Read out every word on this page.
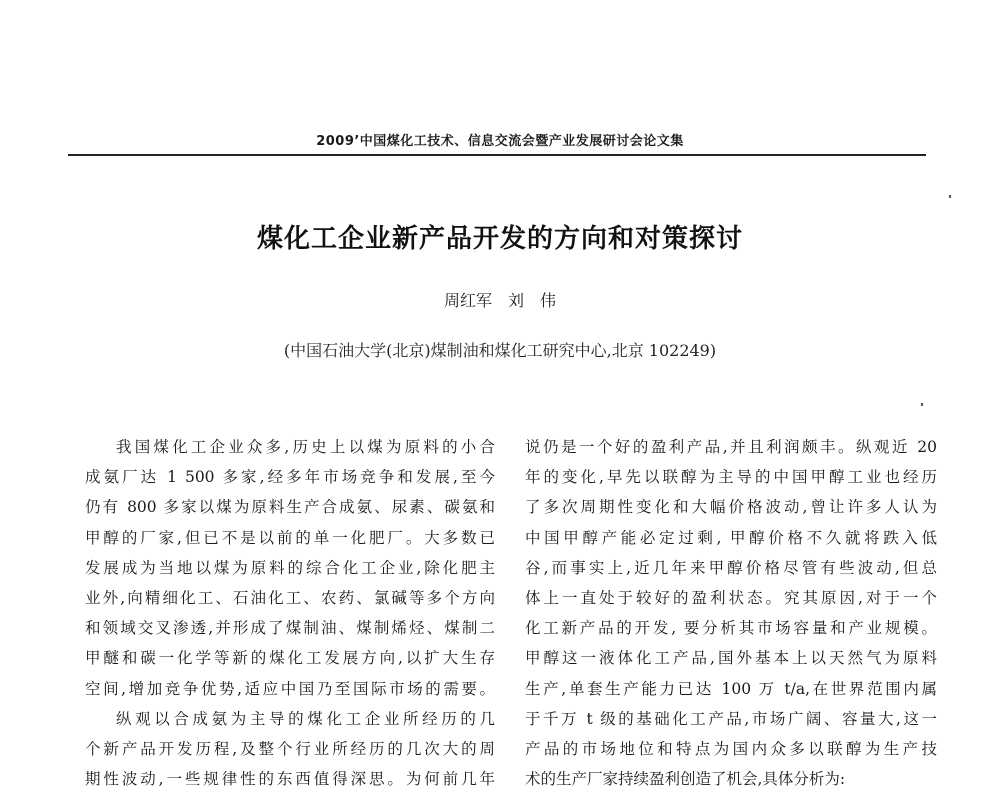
2009’中国煤化工技术、信息交流会暨产业发展研讨会论文集
煤化工企业新产品开发的方向和对策探讨
周红军　刘　伟
(中国石油大学(北京)煤制油和煤化工研究中心,北京 102249)
我国煤化工企业众多,历史上以煤为原料的小合
成氨厂达 1 500 多家,经多年市场竞争和发展,至今
仍有 800 多家以煤为原料生产合成氨、尿素、碳氨和
甲醇的厂家,但已不是以前的单一化肥厂。大多数已
发展成为当地以煤为原料的综合化工企业,除化肥主
业外,向精细化工、石油化工、农药、氯碱等多个方向
和领域交叉渗透,并形成了煤制油、煤制烯烃、煤制二
甲醚和碳一化学等新的煤化工发展方向,以扩大生存
空间,增加竞争优势,适应中国乃至国际市场的需要。
纵观以合成氨为主导的煤化工企业所经历的几
个新产品开发历程,及整个行业所经历的几次大的周
期性波动,一些规律性的东西值得深思。为何前几年
说仍是一个好的盈利产品,并且利润颇丰。纵观近 20
年的变化,早先以联醇为主导的中国甲醇工业也经历
了多次周期性变化和大幅价格波动,曾让许多人认为
中国甲醇产能必定过剩, 甲醇价格不久就将跌入低
谷,而事实上,近几年来甲醇价格尽管有些波动,但总
体上一直处于较好的盈利状态。究其原因,对于一个
化工新产品的开发, 要分析其市场容量和产业规模。
甲醇这一液体化工产品,国外基本上以天然气为原料
生产,单套生产能力已达 100 万 t/a,在世界范围内属
于千万 t 级的基础化工产品,市场广阔、容量大,这一
产品的市场地位和特点为国内众多以联醇为生产技
术的生产厂家持续盈利创造了机会,具体分析为:
